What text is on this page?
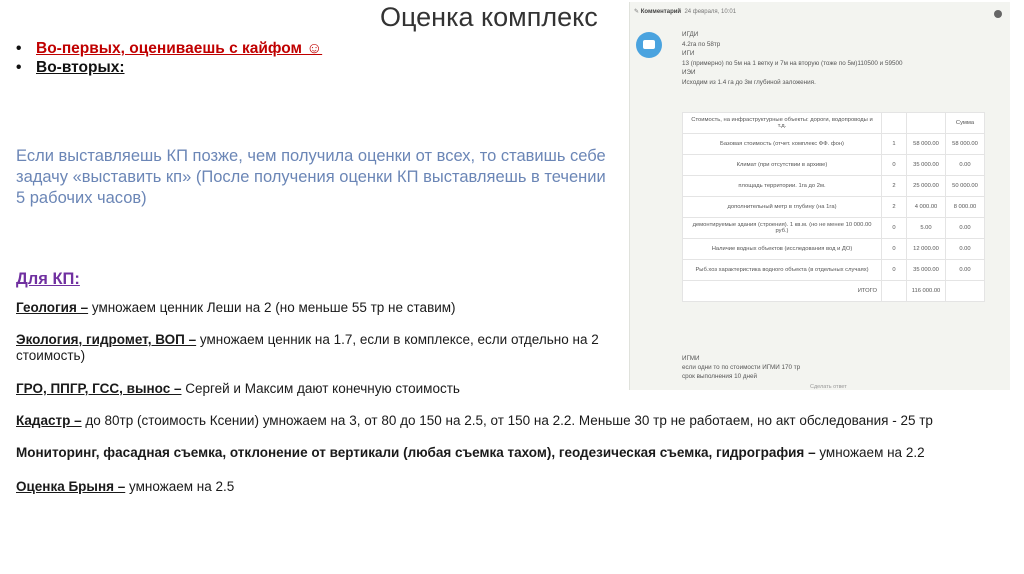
Оценка комплекс
• Во-первых, оцениваешь с кайфом ☺
• Во-вторых:
Если выставляешь КП позже, чем получила оценки от всех, то ставишь себе задачу «выставить кп» (После получения оценки КП выставляешь в течении 5 рабочих часов)
Для КП:
Геология – умножаем ценник Леши на 2 (но меньше 55 тр не ставим)
Экология, гидромет, ВОП – умножаем ценник на 1.7, если в комплексе, если отдельно на 2
стоимость)
ГРО, ППГР, ГСС, вынос – Сергей и Максим дают конечную стоимость
Кадастр – до 80тр (стоимость Ксении) умножаем на 3, от 80 до 150 на 2.5, от 150 на 2.2. Меньше 30 тр не работаем, но акт обследования - 25 тр
Мониторинг, фасадная съемка, отклонение от вертикали (любая съемка тахом), геодезическая съемка, гидрография – умножаем на 2.2
Оценка Брыня – умножаем на 2.5
✎ Комментарий 24 февраля, 10:01
ИГДИ
4.2га по 58тр
ИГИ
13 (примерно) по 5м на 1 ветку и 7м на вторую (тоже по 5м)110500 и 59500
ИЭИ
Исходим из 1.4 га до 3м глубиной заложения.
Стоимость, на инфраструктурные объекты: дороги, водопроводы и т.д.			Сумма
Базовая стоимость (отчет. комплекс ФФ. фон)	1	58 000.00	58 000.00
Климат (при отсутствии в архиве)	0	35 000.00	0.00
площадь территории. 1га до 2м.	2	25 000.00	50 000.00
дополнительный метр в глубину (на 1га)	2	4 000.00	8 000.00
демонтируемые здания (строения). 1 кв.м. (но не менее 10 000.00 руб.)	0	5.00	0.00
Наличие водных объектов (исследования вод и ДО)	0	12 000.00	0.00
Рыб.хоз характеристика водного объекта (в отдельных случаях)	0	35 000.00	0.00
ИТОГО		116 000.00	
ИГМИ
если одни то по стоимости ИГМИ 170 тр
срок выполнения 10 дней
Сделать ответ
